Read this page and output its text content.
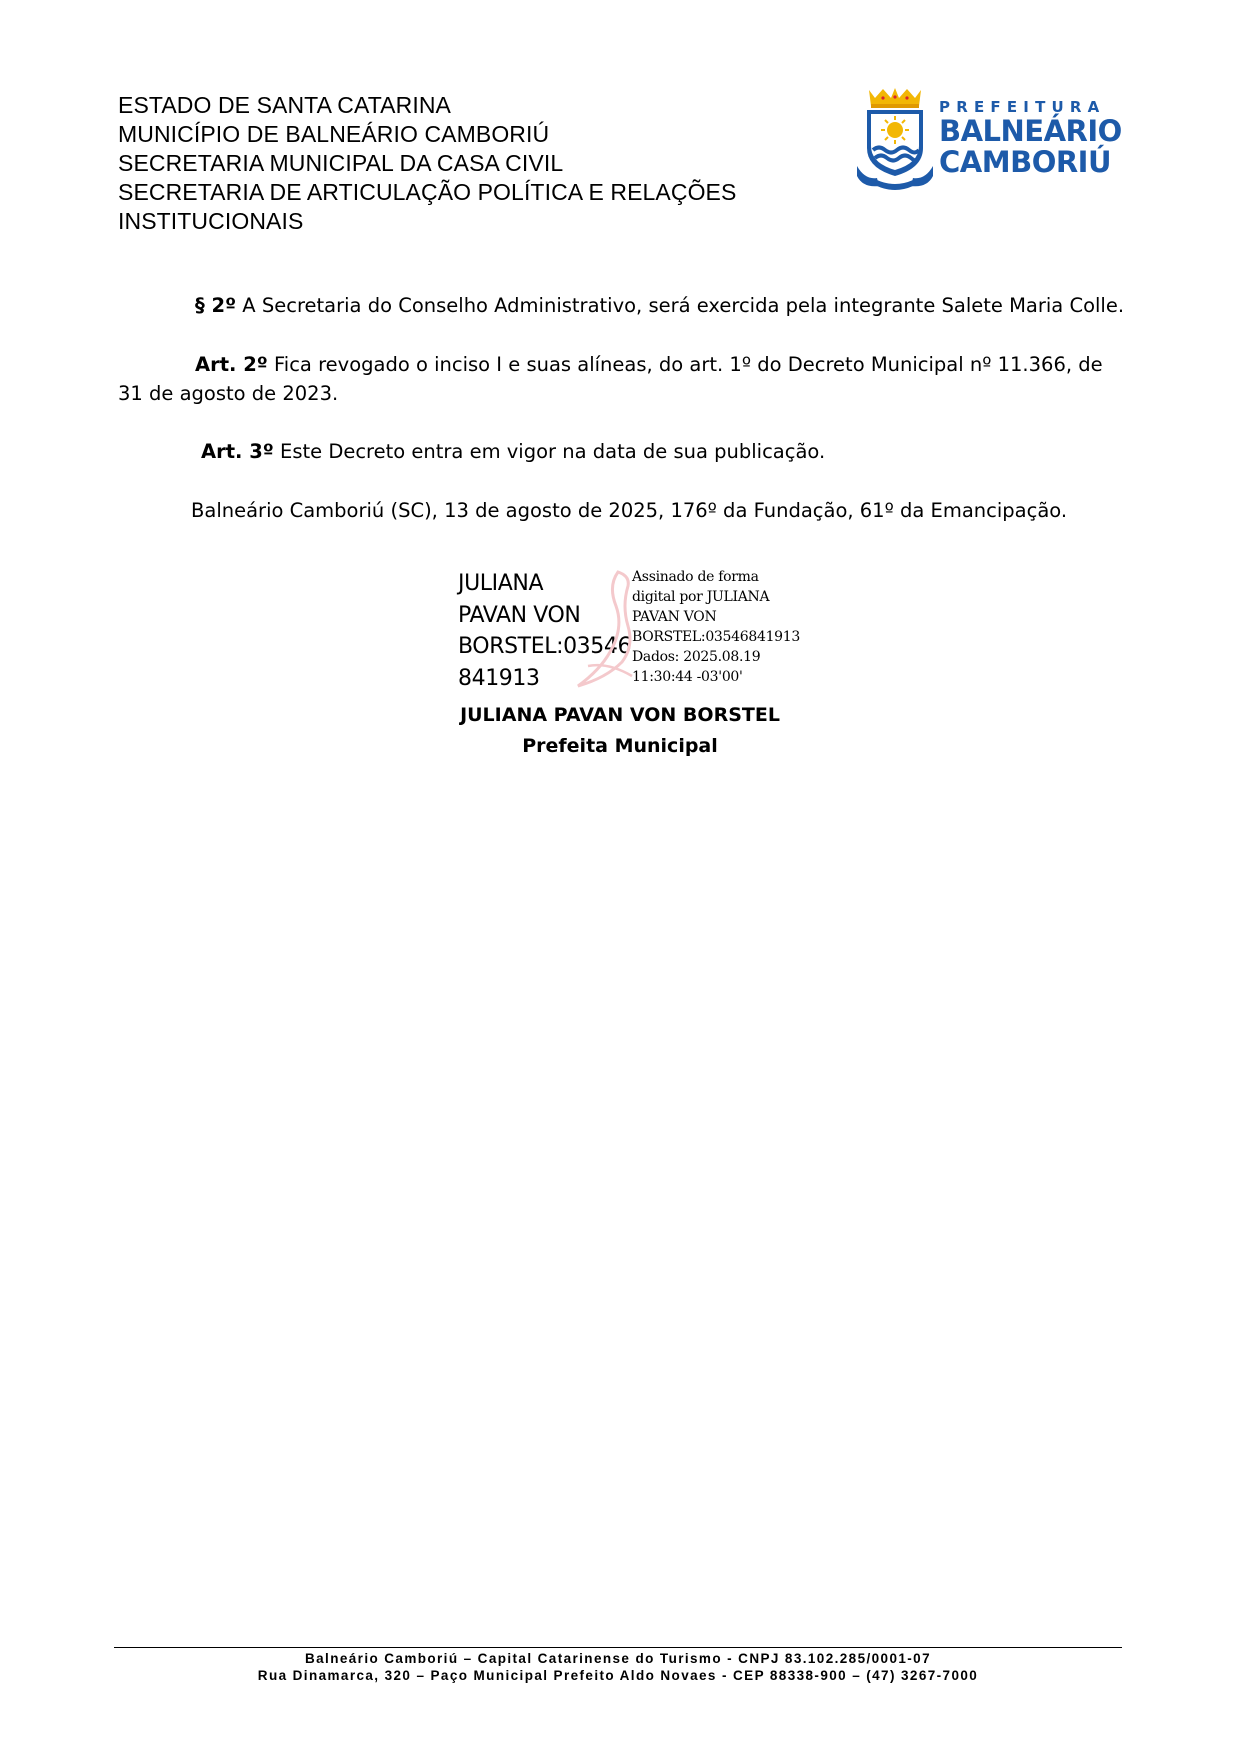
ESTADO DE SANTA CATARINA
MUNICÍPIO DE BALNEÁRIO CAMBORIÚ
SECRETARIA MUNICIPAL DA CASA CIVIL
SECRETARIA DE ARTICULAÇÃO POLÍTICA E RELAÇÕES
INSTITUCIONAIS
PREFEITURA
BALNEÁRIO
CAMBORIÚ
§ 2º A Secretaria do Conselho Administrativo, será exercida pela integrante Salete Maria Colle.
Art. 2º Fica revogado o inciso I e suas alíneas, do art. 1º do Decreto Municipal nº 11.366, de 31 de agosto de 2023.
Art. 3º Este Decreto entra em vigor na data de sua publicação.
Balneário Camboriú (SC), 13 de agosto de 2025, 176º da Fundação, 61º da Emancipação.
JULIANA
PAVAN VON
BORSTEL:03546
841913
Assinado de forma
digital por JULIANA
PAVAN VON
BORSTEL:03546841913
Dados: 2025.08.19
11:30:44 -03'00'
JULIANA PAVAN VON BORSTEL
Prefeita Municipal
Balneário Camboriú – Capital Catarinense do Turismo - CNPJ 83.102.285/0001-07
Rua Dinamarca, 320 – Paço Municipal Prefeito Aldo Novaes - CEP 88338-900 – (47) 3267-7000
